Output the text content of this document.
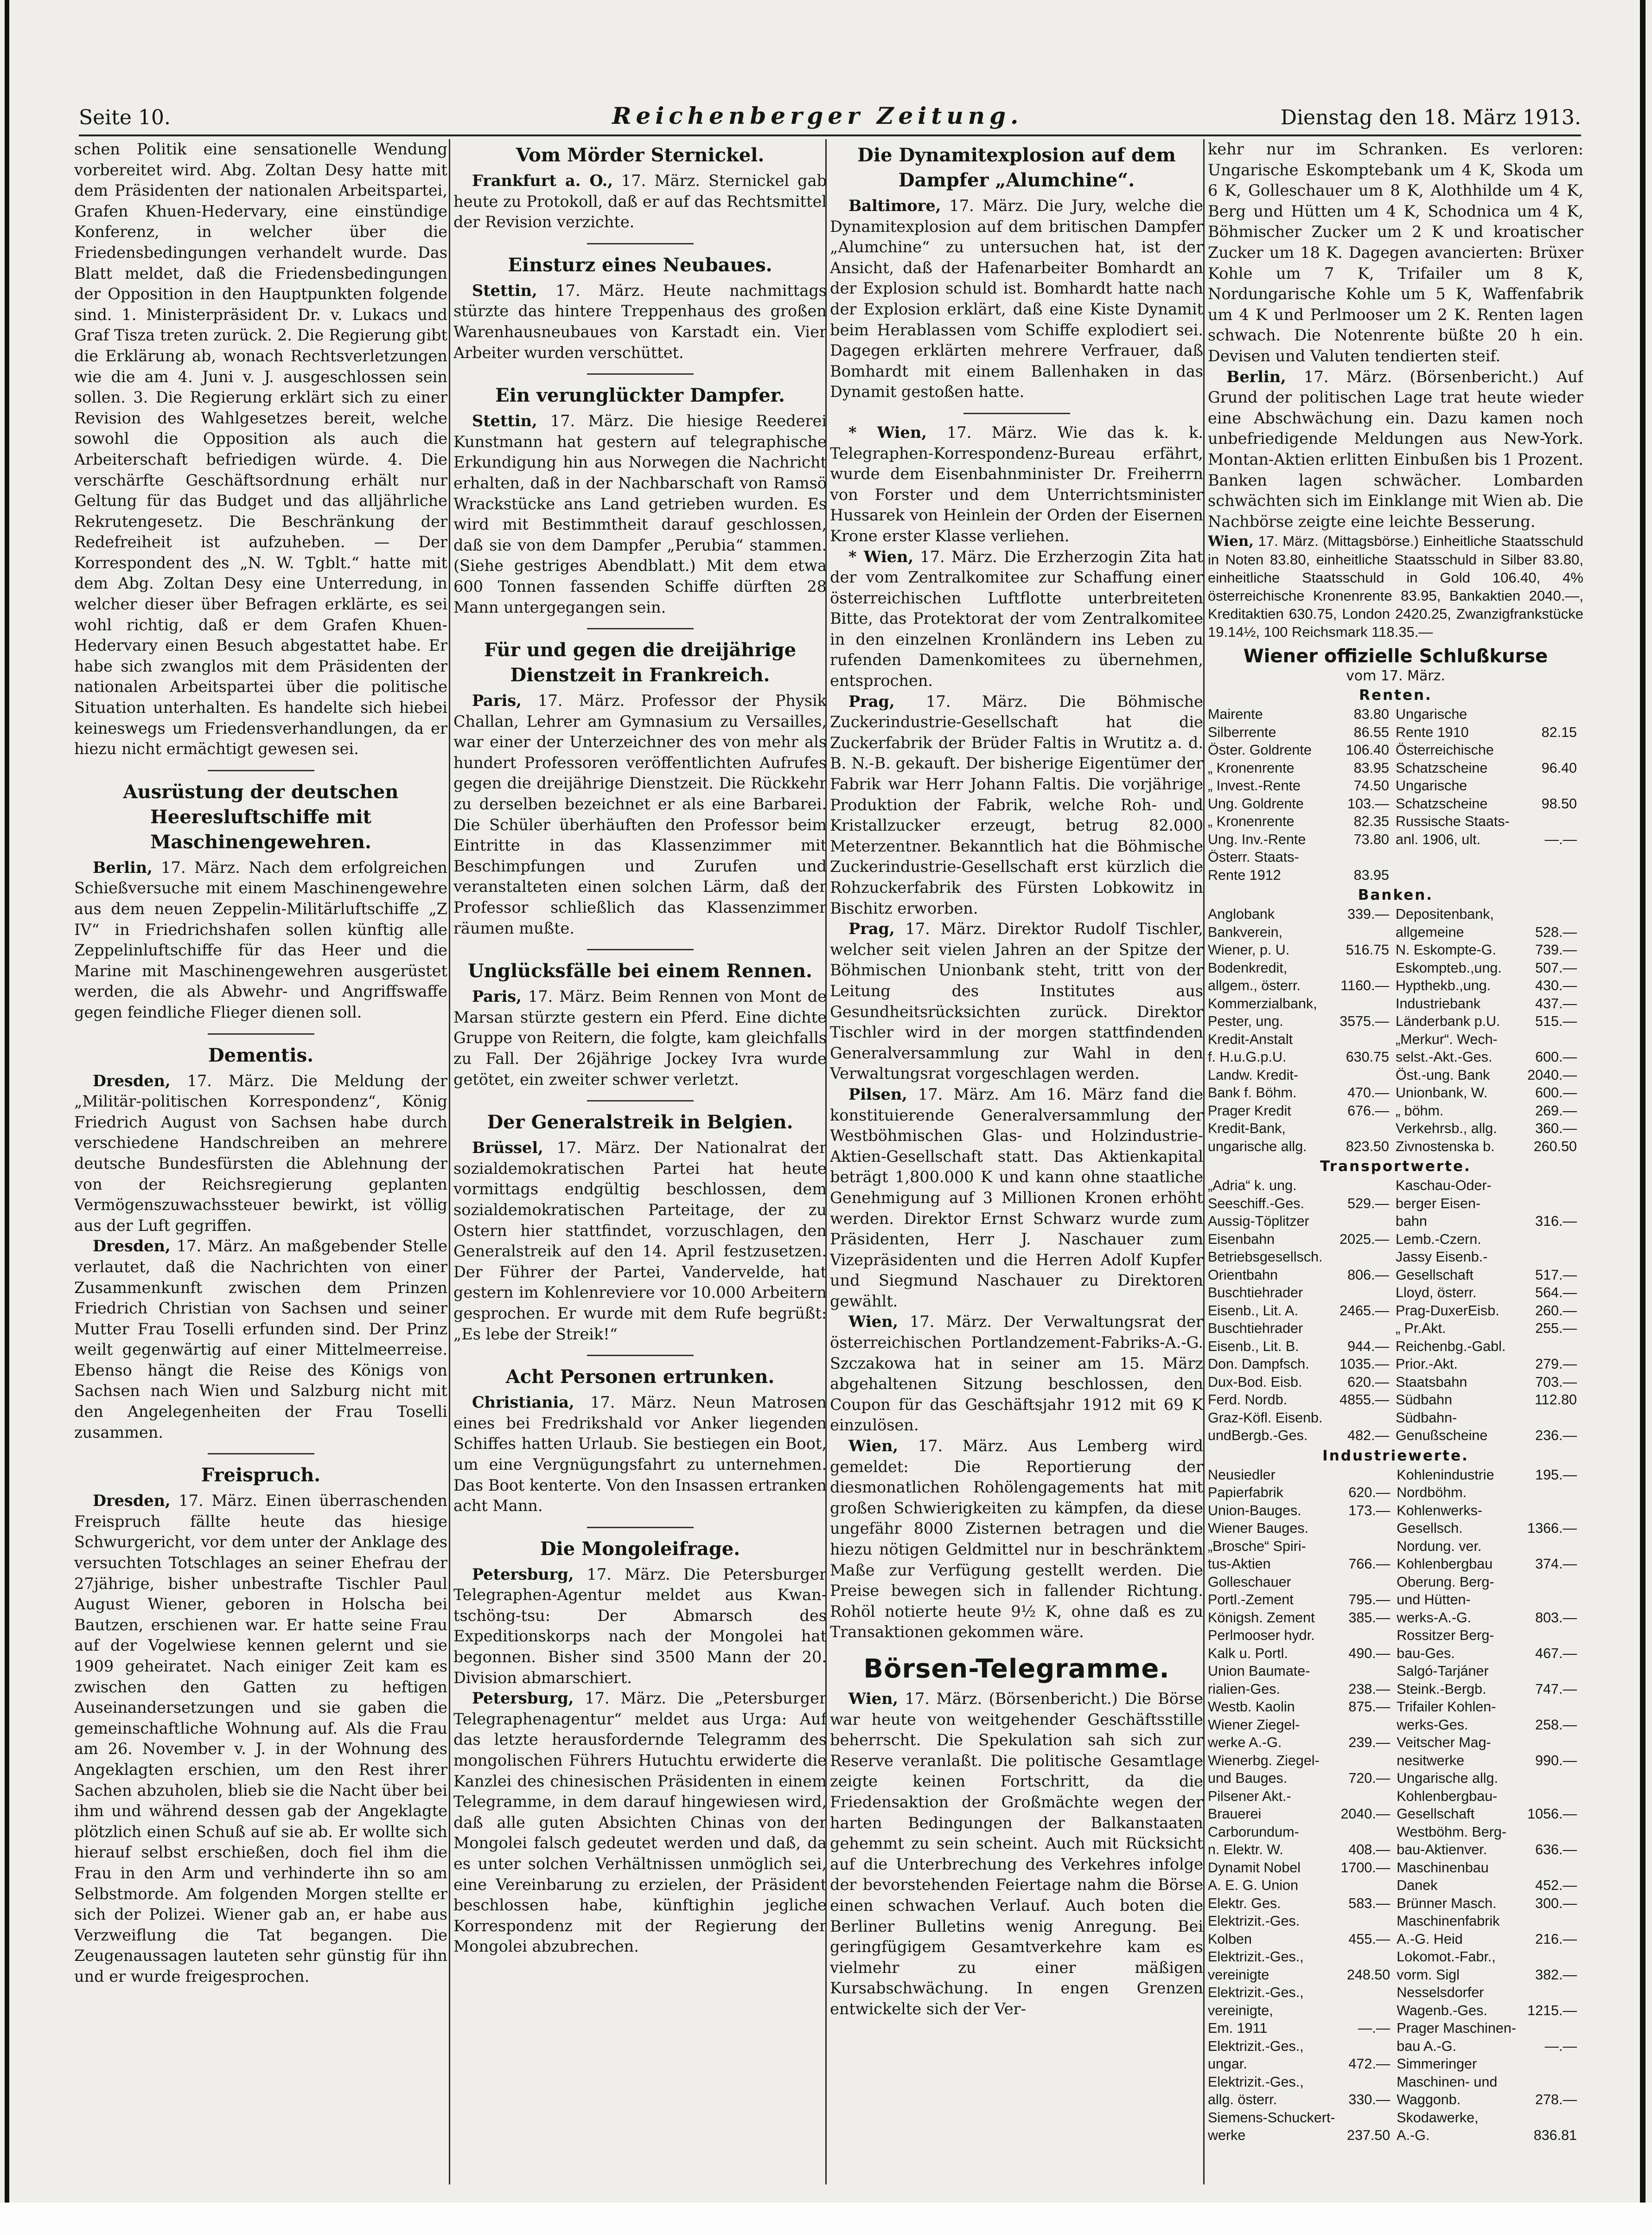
Seite 10.	Reichenberger Zeitung.	Dienstag den 18. März 1913.

schen Politik eine sensationelle Wendung vorbereitet wird. Abg. Zoltan Desy hatte mit dem Präsidenten der nationalen Arbeitspartei, Grafen Khuen-Hedervary, eine einstündige Konferenz, in welcher über die Friedensbedingungen verhandelt wurde. Das Blatt meldet, daß die Friedensbedingungen der Opposition in den Hauptpunkten folgende sind. 1. Ministerpräsident Dr. v. Lukacs und Graf Tisza treten zurück. 2. Die Regierung gibt die Erklärung ab, wonach Rechtsverletzungen wie die am 4. Juni v. J. ausgeschlossen sein sollen. 3. Die Regierung erklärt sich zu einer Revision des Wahlgesetzes bereit, welche sowohl die Opposition als auch die Arbeiterschaft befriedigen würde. 4. Die verschärfte Geschäftsordnung erhält nur Geltung für das Budget und das alljährliche Rekrutengesetz. Die Beschränkung der Redefreiheit ist aufzuheben. — Der Korrespondent des „N. W. Tgblt.“ hatte mit dem Abg. Zoltan Desy eine Unterredung, in welcher dieser über Befragen erklärte, es sei wohl richtig, daß er dem Grafen Khuen-Hedervary einen Besuch abgestattet habe. Er habe sich zwanglos mit dem Präsidenten der nationalen Arbeitspartei über die politische Situation unterhalten. Es handelte sich hiebei keineswegs um Friedensverhandlungen, da er hiezu nicht ermächtigt gewesen sei.

Ausrüstung der deutschen Heeresluftschiffe mit Maschinengewehren.

Berlin, 17. März. Nach dem erfolgreichen Schießversuche mit einem Maschinengewehre aus dem neuen Zeppelin-Militärluftschiffe „Z IV“ in Friedrichshafen sollen künftig alle Zeppelinluftschiffe für das Heer und die Marine mit Maschinengewehren ausgerüstet werden, die als Abwehr- und Angriffswaffe gegen feindliche Flieger dienen soll.

Dementis.

Dresden, 17. März. Die Meldung der „Militär-politischen Korrespondenz“, König Friedrich August von Sachsen habe durch verschiedene Handschreiben an mehrere deutsche Bundesfürsten die Ablehnung der von der Reichsregierung geplanten Vermögenszuwachssteuer bewirkt, ist völlig aus der Luft gegriffen.

Dresden, 17. März. An maßgebender Stelle verlautet, daß die Nachrichten von einer Zusammenkunft zwischen dem Prinzen Friedrich Christian von Sachsen und seiner Mutter Frau Toselli erfunden sind. Der Prinz weilt gegenwärtig auf einer Mittelmeerreise. Ebenso hängt die Reise des Königs von Sachsen nach Wien und Salzburg nicht mit den Angelegenheiten der Frau Toselli zusammen.

Freispruch.

Dresden, 17. März. Einen überraschenden Freispruch fällte heute das hiesige Schwurgericht, vor dem unter der Anklage des versuchten Totschlages an seiner Ehefrau der 27jährige, bisher unbestrafte Tischler Paul August Wiener, geboren in Holscha bei Bautzen, erschienen war. Er hatte seine Frau auf der Vogelwiese kennen gelernt und sie 1909 geheiratet. Nach einiger Zeit kam es zwischen den Gatten zu heftigen Auseinandersetzungen und sie gaben die gemeinschaftliche Wohnung auf. Als die Frau am 26. November v. J. in der Wohnung des Angeklagten erschien, um den Rest ihrer Sachen abzuholen, blieb sie die Nacht über bei ihm und während dessen gab der Angeklagte plötzlich einen Schuß auf sie ab. Er wollte sich hierauf selbst erschießen, doch fiel ihm die Frau in den Arm und verhinderte ihn so am Selbstmorde. Am folgenden Morgen stellte er sich der Polizei. Wiener gab an, er habe aus Verzweiflung die Tat begangen. Die Zeugenaussagen lauteten sehr günstig für ihn und er wurde freigesprochen.

Vom Mörder Sternickel.

Frankfurt a. O., 17. März. Sternickel gab heute zu Protokoll, daß er auf das Rechtsmittel der Revision verzichte.

Einsturz eines Neubaues.

Stettin, 17. März. Heute nachmittags stürzte das hintere Treppenhaus des großen Warenhausneubaues von Karstadt ein. Vier Arbeiter wurden verschüttet.

Ein verunglückter Dampfer.

Stettin, 17. März. Die hiesige Reederei Kunstmann hat gestern auf telegraphische Erkundigung hin aus Norwegen die Nachricht erhalten, daß in der Nachbarschaft von Ramsö Wrackstücke ans Land getrieben wurden. Es wird mit Bestimmtheit darauf geschlossen, daß sie von dem Dampfer „Perubia“ stammen. (Siehe gestriges Abendblatt.) Mit dem etwa 600 Tonnen fassenden Schiffe dürften 28 Mann untergegangen sein.

Für und gegen die dreijährige Dienstzeit in Frankreich.

Paris, 17. März. Professor der Physik Challan, Lehrer am Gymnasium zu Versailles, war einer der Unterzeichner des von mehr als hundert Professoren veröffentlichten Aufrufes gegen die dreijährige Dienstzeit. Die Rückkehr zu derselben bezeichnet er als eine Barbarei. Die Schüler überhäuften den Professor beim Eintritte in das Klassenzimmer mit Beschimpfungen und Zurufen und veranstalteten einen solchen Lärm, daß der Professor schließlich das Klassenzimmer räumen mußte.

Unglücksfälle bei einem Rennen.

Paris, 17. März. Beim Rennen von Mont de Marsan stürzte gestern ein Pferd. Eine dichte Gruppe von Reitern, die folgte, kam gleichfalls zu Fall. Der 26jährige Jockey Ivra wurde getötet, ein zweiter schwer verletzt.

Der Generalstreik in Belgien.

Brüssel, 17. März. Der Nationalrat der sozialdemokratischen Partei hat heute vormittags endgültig beschlossen, dem sozialdemokratischen Parteitage, der zu Ostern hier stattfindet, vorzuschlagen, den Generalstreik auf den 14. April festzusetzen. Der Führer der Partei, Vandervelde, hat gestern im Kohlenreviere vor 10.000 Arbeitern gesprochen. Er wurde mit dem Rufe begrüßt: „Es lebe der Streik!“

Acht Personen ertrunken.

Christiania, 17. März. Neun Matrosen eines bei Fredrikshald vor Anker liegenden Schiffes hatten Urlaub. Sie bestiegen ein Boot, um eine Vergnügungsfahrt zu unternehmen. Das Boot kenterte. Von den Insassen ertranken acht Mann.

Die Mongoleifrage.

Petersburg, 17. März. Die Petersburger Telegraphen-Agentur meldet aus Kwan-tschöng-tsu: Der Abmarsch des Expeditionskorps nach der Mongolei hat begonnen. Bisher sind 3500 Mann der 20. Division abmarschiert.

Petersburg, 17. März. Die „Petersburger Telegraphenagentur“ meldet aus Urga: Auf das letzte herausfordernde Telegramm des mongolischen Führers Hutuchtu erwiderte die Kanzlei des chinesischen Präsidenten in einem Telegramme, in dem darauf hingewiesen wird, daß alle guten Absichten Chinas von der Mongolei falsch gedeutet werden und daß, da es unter solchen Verhältnissen unmöglich sei, eine Vereinbarung zu erzielen, der Präsident beschlossen habe, künftighin jegliche Korrespondenz mit der Regierung der Mongolei abzubrechen.

Die Dynamitexplosion auf dem Dampfer „Alumchine“.

Baltimore, 17. März. Die Jury, welche die Dynamitexplosion auf dem britischen Dampfer „Alumchine“ zu untersuchen hat, ist der Ansicht, daß der Hafenarbeiter Bomhardt an der Explosion schuld ist. Bomhardt hatte nach der Explosion erklärt, daß eine Kiste Dynamit beim Herablassen vom Schiffe explodiert sei. Dagegen erklärten mehrere Verfrauer, daß Bomhardt mit einem Ballenhaken in das Dynamit gestoßen hatte.

* Wien, 17. März. Wie das k. k. Telegraphen-Korrespondenz-Bureau erfährt, wurde dem Eisenbahnminister Dr. Freiherrn von Forster und dem Unterrichtsminister Hussarek von Heinlein der Orden der Eisernen Krone erster Klasse verliehen.

* Wien, 17. März. Die Erzherzogin Zita hat der vom Zentralkomitee zur Schaffung einer österreichischen Luftflotte unterbreiteten Bitte, das Protektorat der vom Zentralkomitee in den einzelnen Kronländern ins Leben zu rufenden Damenkomitees zu übernehmen, entsprochen.

Prag, 17. März. Die Böhmische Zuckerindustrie-Gesellschaft hat die Zuckerfabrik der Brüder Faltis in Wrutitz a. d. B. N.-B. gekauft. Der bisherige Eigentümer der Fabrik war Herr Johann Faltis. Die vorjährige Produktion der Fabrik, welche Roh- und Kristallzucker erzeugt, betrug 82.000 Meterzentner. Bekanntlich hat die Böhmische Zuckerindustrie-Gesellschaft erst kürzlich die Rohzuckerfabrik des Fürsten Lobkowitz in Bischitz erworben.

Prag, 17. März. Direktor Rudolf Tischler, welcher seit vielen Jahren an der Spitze der Böhmischen Unionbank steht, tritt von der Leitung des Institutes aus Gesundheitsrücksichten zurück. Direktor Tischler wird in der morgen stattfindenden Generalversammlung zur Wahl in den Verwaltungsrat vorgeschlagen werden.

Pilsen, 17. März. Am 16. März fand die konstituierende Generalversammlung der Westböhmischen Glas- und Holzindustrie-Aktien-Gesellschaft statt. Das Aktienkapital beträgt 1,800.000 K und kann ohne staatliche Genehmigung auf 3 Millionen Kronen erhöht werden. Direktor Ernst Schwarz wurde zum Präsidenten, Herr J. Naschauer zum Vizepräsidenten und die Herren Adolf Kupfer und Siegmund Naschauer zu Direktoren gewählt.

Wien, 17. März. Der Verwaltungsrat der österreichischen Portlandzement-Fabriks-A.-G. Szczakowa hat in seiner am 15. März abgehaltenen Sitzung beschlossen, den Coupon für das Geschäftsjahr 1912 mit 69 K einzulösen.

Wien, 17. März. Aus Lemberg wird gemeldet: Die Reportierung der diesmonatlichen Rohölengagements hat mit großen Schwierigkeiten zu kämpfen, da diese ungefähr 8000 Zisternen betragen und die hiezu nötigen Geldmittel nur in beschränktem Maße zur Verfügung gestellt werden. Die Preise bewegen sich in fallender Richtung. Rohöl notierte heute 9½ K, ohne daß es zu Transaktionen gekommen wäre.

Börsen-Telegramme.

Wien, 17. März. (Börsenbericht.) Die Börse war heute von weitgehender Geschäftsstille beherrscht. Die Spekulation sah sich zur Reserve veranlaßt. Die politische Gesamtlage zeigte keinen Fortschritt, da die Friedensaktion der Großmächte wegen der harten Bedingungen der Balkanstaaten gehemmt zu sein scheint. Auch mit Rücksicht auf die Unterbrechung des Verkehres infolge der bevorstehenden Feiertage nahm die Börse einen schwachen Verlauf. Auch boten die Berliner Bulletins wenig Anregung. Bei geringfügigem Gesamtverkehre kam es vielmehr zu einer mäßigen Kursabschwächung. In engen Grenzen entwickelte sich der Ver-

kehr nur im Schranken. Es verloren: Ungarische Eskomptebank um 4 K, Skoda um 6 K, Golleschauer um 8 K, Alothhilde um 4 K, Berg und Hütten um 4 K, Schodnica um 4 K, Böhmischer Zucker um 2 K und kroatischer Zucker um 18 K. Dagegen avancierten: Brüxer Kohle um 7 K, Trifailer um 8 K, Nordungarische Kohle um 5 K, Waffenfabrik um 4 K und Perlmooser um 2 K. Renten lagen schwach. Die Notenrente büßte 20 h ein. Devisen und Valuten tendierten steif.

Berlin, 17. März. (Börsenbericht.) Auf Grund der politischen Lage trat heute wieder eine Abschwächung ein. Dazu kamen noch unbefriedigende Meldungen aus New-York. Montan-Aktien erlitten Einbußen bis 1 Prozent. Banken lagen schwächer. Lombarden schwächten sich im Einklange mit Wien ab. Die Nachbörse zeigte eine leichte Besserung.

Wien, 17. März. (Mittagsbörse.) Einheitliche Staatsschuld in Noten 83.80, einheitliche Staatsschuld in Silber 83.80, einheitliche Staatsschuld in Gold 106.40, 4% österreichische Kronenrente 83.95, Bankaktien 2040.—, Kreditaktien 630.75, London 2420.25, Zwanzigfrankstücke 19.14½, 100 Reichsmark 118.35.—

Wiener offizielle Schlußkurse
vom 17. März.
Renten.
Mairente	83.80	Ungarische	
Silberrente	86.55	Rente 1910	82.15
Öster. Goldrente	106.40	Österreichische	
„ Kronenrente	83.95	Schatzscheine	96.40
„ Invest.-Rente	74.50	Ungarische	
Ung. Goldrente	103.—	Schatzscheine	98.50
„ Kronenrente	82.35	Russische Staats-	
Ung. Inv.-Rente	73.80	anl. 1906, ult.	—.—
Österr. Staats-			
Rente 1912	83.95		
Banken.
Anglobank	339.—	Depositenbank,	
Bankverein,		allgemeine	528.—
Wiener, p. U.	516.75	N. Eskompte-G.	739.—
Bodenkredit,		Eskompteb.,ung.	507.—
allgem., österr.	1160.—	Hypthekb.,ung.	430.—
Kommerzialbank,		Industriebank	437.—
Pester, ung.	3575.—	Länderbank p.U.	515.—
Kredit-Anstalt		„Merkur“. Wech-	
f. H.u.G.p.U.	630.75	selst.-Akt.-Ges.	600.—
Landw. Kredit-		Öst.-ung. Bank	2040.—
Bank f. Böhm.	470.—	Unionbank, W.	600.—
Prager Kredit	676.—	„ böhm.	269.—
Kredit-Bank,		Verkehrsb., allg.	360.—
ungarische allg.	823.50	Zivnostenska b.	260.50
Transportwerte.
„Adria“ k. ung.		Kaschau-Oder-	
Seeschiff.-Ges.	529.—	berger Eisen-	
Aussig-Töplitzer		bahn	316.—
Eisenbahn	2025.—	Lemb.-Czern.	
Betriebsgesellsch.		Jassy Eisenb.-	
Orientbahn	806.—	Gesellschaft	517.—
Buschtiehrader		Lloyd, österr.	564.—
Eisenb., Lit. A.	2465.—	Prag-DuxerEisb.	260.—
Buschtiehrader		„ Pr.Akt.	255.—
Eisenb., Lit. B.	944.—	Reichenbg.-Gabl.	
Don. Dampfsch.	1035.—	Prior.-Akt.	279.—
Dux-Bod. Eisb.	620.—	Staatsbahn	703.—
Ferd. Nordb.	4855.—	Südbahn	112.80
Graz-Köfl. Eisenb.		Südbahn-	
undBergb.-Ges.	482.—	Genußscheine	236.—
Industriewerte.
Neusiedler		Kohlenindustrie	195.—
Papierfabrik	620.—	Nordböhm.	
Union-Bauges.	173.—	Kohlenwerks-	
Wiener Bauges.		Gesellsch.	1366.—
„Brosche“ Spiri-		Nordung. ver.	
tus-Aktien	766.—	Kohlenbergbau	374.—
Golleschauer		Oberung. Berg-	
Portl.-Zement	795.—	und Hütten-	
Königsh. Zement	385.—	werks-A.-G.	803.—
Perlmooser hydr.		Rossitzer Berg-	
Kalk u. Portl.	490.—	bau-Ges.	467.—
Union Baumate-		Salgó-Tarjáner	
rialien-Ges.	238.—	Steink.-Bergb.	747.—
Westb. Kaolin	875.—	Trifailer Kohlen-	
Wiener Ziegel-		werks-Ges.	258.—
werke A.-G.	239.—	Veitscher Mag-	
Wienerbg. Ziegel-		nesitwerke	990.—
und Bauges.	720.—	Ungarische allg.	
Pilsener Akt.-		Kohlenbergbau-	
Brauerei	2040.—	Gesellschaft	1056.—
Carborundum-		Westböhm. Berg-	
n. Elektr. W.	408.—	bau-Aktienver.	636.—
Dynamit Nobel	1700.—	Maschinenbau	
A. E. G. Union		Danek	452.—
Elektr. Ges.	583.—	Brünner Masch.	300.—
Elektrizit.-Ges.		Maschinenfabrik	
Kolben	455.—	A.-G. Heid	216.—
Elektrizit.-Ges.,		Lokomot.-Fabr.,	
vereinigte	248.50	vorm. Sigl	382.—
Elektrizit.-Ges.,		Nesselsdorfer	
vereinigte,		Wagenb.-Ges.	1215.—
Em. 1911	—.—	Prager Maschinen-	
Elektrizit.-Ges.,		bau A.-G.	—.—
ungar.	472.—	Simmeringer	
Elektrizit.-Ges.,		Maschinen- und	
allg. österr.	330.—	Waggonb.	278.—
Siemens-Schuckert-		Skodawerke,	
werke	237.50	A.-G.	836.81
